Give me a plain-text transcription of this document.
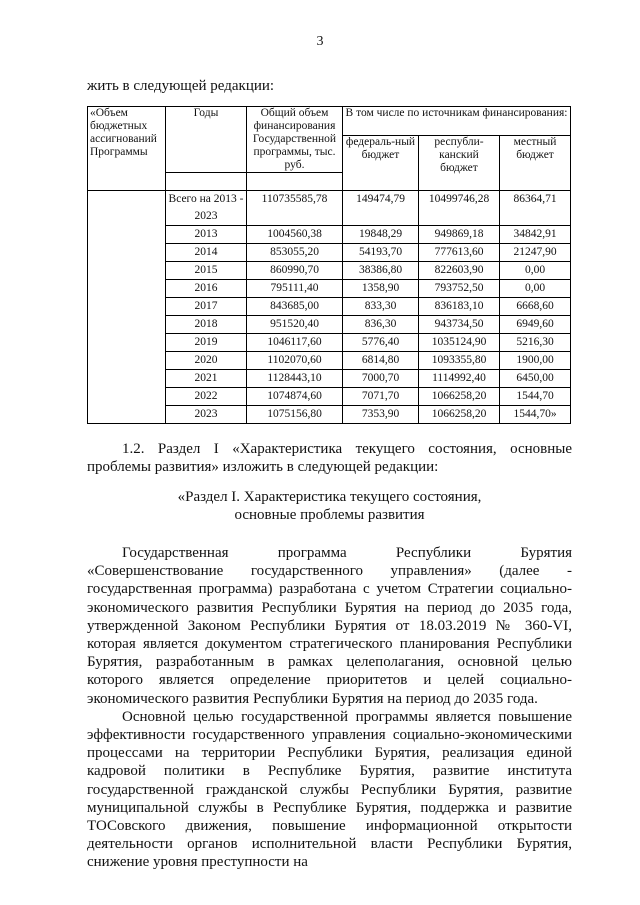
3
жить в следующей редакции:
«Объем бюджетных ассигнований Программы	Годы	Общий объем финансирования Государственной программы, тыс. руб.	В том числе по источникам финансирования:		
			федераль-ный бюджет	республи-канский бюджет	местный бюджет

	Всего на 2013 - 2023	110735585,78	149474,79	10499746,28	86364,71
	2013	1004560,38	19848,29	949869,18	34842,91
	2014	853055,20	54193,70	777613,60	21247,90
	2015	860990,70	38386,80	822603,90	0,00
	2016	795111,40	1358,90	793752,50	0,00
	2017	843685,00	833,30	836183,10	6668,60
	2018	951520,40	836,30	943734,50	6949,60
	2019	1046117,60	5776,40	1035124,90	5216,30
	2020	1102070,60	6814,80	1093355,80	1900,00
	2021	1128443,10	7000,70	1114992,40	6450,00
	2022	1074874,60	7071,70	1066258,20	1544,70
	2023	1075156,80	7353,90	1066258,20	1544,70»

1.2. Раздел I «Характеристика текущего состояния, основные проблемы развития» изложить в следующей редакции:

«Раздел I. Характеристика текущего состояния,
основные проблемы развития

Государственная программа Республики Бурятия «Совершенствование государственного управления» (далее - государственная программа) разработана с учетом Стратегии социально-экономического развития Республики Бурятия на период до 2035 года, утвержденной Законом Республики Бурятия от 18.03.2019 № 360-VI, которая является документом стратегического планирования Республики Бурятия, разработанным в рамках целеполагания, основной целью которого является определение приоритетов и целей социально-экономического развития Республики Бурятия на период до 2035 года.

Основной целью государственной программы является повышение эффективности государственного управления социально-экономическими процессами на территории Республики Бурятия, реализация единой кадровой политики в Республике Бурятия, развитие института государственной гражданской службы Республики Бурятия, развитие муниципальной службы в Республике Бурятия, поддержка и развитие ТОСовского движения, повышение информационной открытости деятельности органов исполнительной власти Республики Бурятия, снижение уровня преступности на
